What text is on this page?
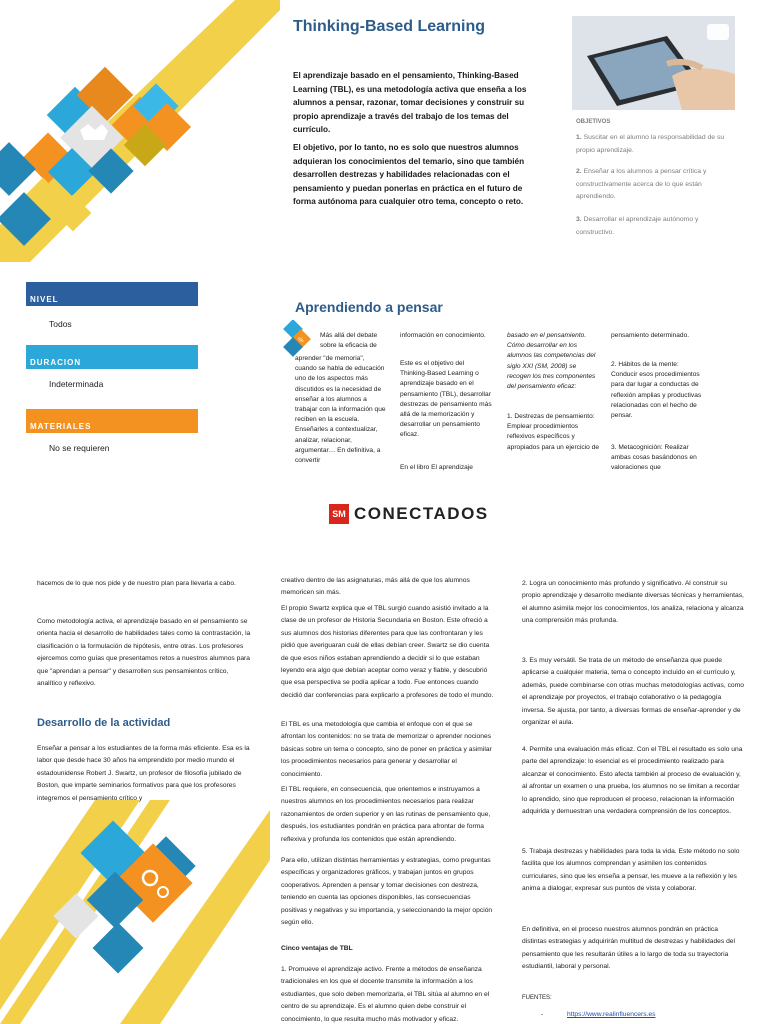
Thinking-Based Learning
El aprendizaje basado en el pensamiento, Thinking-Based Learning (TBL), es una metodología activa que enseña a los alumnos a pensar, razonar, tomar decisiones y construir su propio aprendizaje a través del trabajo de los temas del currículo.
El objetivo, por lo tanto, no es solo que nuestros alumnos adquieran los conocimientos del temario, sino que también desarrollen destrezas y habilidades relacionadas con el pensamiento y puedan ponerlas en práctica en el futuro de forma autónoma para cualquier otro tema, concepto o reto.
OBJETIVOS
1. Suscitar en el alumno la responsabilidad de su propio aprendizaje.
2. Enseñar a los alumnos a pensar crítica y constructivamente acerca de lo que están aprendiendo.
3. Desarrollar el aprendizaje autónomo y constructivo.
NIVEL
Todos
DURACION
Indeterminada
MATERIALES
No se requieren
Aprendiendo a pensar
%
Más allá del debate sobre la eficacia de
aprender "de memoria", cuando se habla de educación uno de los aspectos más discutidos es la necesidad de enseñar a los alumnos a trabajar con la información que reciben en la escuela. Enseñarles a contextualizar, analizar, relacionar, argumentar… En definitiva, a convertir
información en conocimiento.
Este es el objetivo del Thinking-Based Learning o aprendizaje basado en el pensamiento (TBL), desarrollar destrezas de pensamiento más allá de la memorización y desarrollar un pensamiento eficaz.
En el libro El aprendizaje
basado en el pensamiento. Cómo desarrollar en los alumnos las competencias del siglo XXI (SM, 2008) se recogen los tres componentes del pensamiento eficaz:
1. Destrezas de pensamiento: Emplear procedimientos reflexivos específicos y apropiados para un ejercicio de
pensamiento determinado.
2. Hábitos de la mente: Conducir esos procedimientos para dar lugar a conductas de reflexión amplias y productivas relacionadas con el hecho de pensar.
3. Metacognición: Realizar ambas cosas basándonos en valoraciones que
SM CONECTADOS
hacemos de lo que nos pide y de nuestro plan para llevarla a cabo.
Como metodología activa, el aprendizaje basado en el pensamiento se orienta hacia el desarrollo de habilidades tales como la contrastación, la clasificación o la formulación de hipótesis, entre otras. Los profesores ejercemos como guías que presentamos retos a nuestros alumnos para que "aprendan a pensar" y desarrollen sus pensamientos crítico, analítico y reflexivo.
Desarrollo de la actividad
Enseñar a pensar a los estudiantes de la forma más eficiente. Esa es la labor que desde hace 30 años ha emprendido por medio mundo el estadounidense Robert J. Swartz, un profesor de filosofía jubilado de Boston, que imparte seminarios formativos para que los profesores integremos el pensamiento crítico y
creativo dentro de las asignaturas, más allá de que los alumnos memoricen sin más.
El propio Swartz explica que el TBL surgió cuando asistió invitado a la clase de un profesor de Historia Secundaria en Boston. Este ofreció a sus alumnos dos historias diferentes para que las confrontaran y les pidió que averiguaran cuál de ellas debían creer. Swartz se dio cuenta de que esos niños estaban aprendiendo a decidir si lo que estaban leyendo era algo que debían aceptar como veraz y fiable, y descubrió que esa perspectiva se podía aplicar a todo. Fue entonces cuando decidió dar conferencias para explicarlo a profesores de todo el mundo.
El TBL es una metodología que cambia el enfoque con el que se afrontan los contenidos: no se trata de memorizar o aprender nociones básicas sobre un tema o concepto, sino de poner en práctica y asimilar los procedimientos necesarios para generar y desarrollar el conocimiento.
El TBL requiere, en consecuencia, que orientemos e instruyamos a nuestros alumnos en los procedimientos necesarios para realizar razonamientos de orden superior y en las rutinas de pensamiento que, después, los estudiantes pondrán en práctica para afrontar de forma reflexiva y profunda los contenidos que están aprendiendo.
Para ello, utilizan distintas herramientas y estrategias, como preguntas específicas y organizadores gráficos, y trabajan juntos en grupos cooperativos. Aprenden a pensar y tomar decisiones con destreza, teniendo en cuenta las opciones disponibles, las consecuencias positivas y negativas y su importancia, y seleccionando la mejor opción según ello.
Cinco ventajas de TBL
1. Promueve el aprendizaje activo. Frente a métodos de enseñanza tradicionales en los que el docente transmite la información a los estudiantes, que solo deben memorizarla, el TBL sitúa al alumno en el centro de su aprendizaje. Es el alumno quien debe construir el conocimiento, lo que resulta mucho más motivador y eficaz.
2. Logra un conocimiento más profundo y significativo. Al construir su propio aprendizaje y desarrollo mediante diversas técnicas y herramientas, el alumno asimila mejor los conocimientos, los analiza, relaciona y alcanza una comprensión más profunda.
3. Es muy versátil. Se trata de un método de enseñanza que puede aplicarse a cualquier materia, tema o concepto incluido en el currículo y, además, puede combinarse con otras muchas metodologías activas, como el aprendizaje por proyectos, el trabajo colaborativo o la pedagogía inversa. Se ajusta, por tanto, a diversas formas de enseñar-aprender y de organizar el aula.
4. Permite una evaluación más eficaz. Con el TBL el resultado es solo una parte del aprendizaje: lo esencial es el procedimiento realizado para alcanzar el conocimiento. Esto afecta también al proceso de evaluación y, al afrontar un examen o una prueba, los alumnos no se limitan a recordar lo aprendido, sino que reproducen el proceso, relacionan la información adquirida y demuestran una verdadera comprensión de los conceptos.
5. Trabaja destrezas y habilidades para toda la vida. Este método no solo facilita que los alumnos comprendan y asimilen los contenidos curriculares, sino que les enseña a pensar, les mueve a la reflexión y les anima a dialogar, expresar sus puntos de vista y colaborar.
En definitiva, en el proceso nuestros alumnos pondrán en práctica distintas estrategias y adquirirán multitud de destrezas y habilidades del pensamiento que les resultarán útiles a lo largo de toda su trayectoria estudiantil, laboral y personal.
FUENTES:
-	https://www.realinfluencers.es
